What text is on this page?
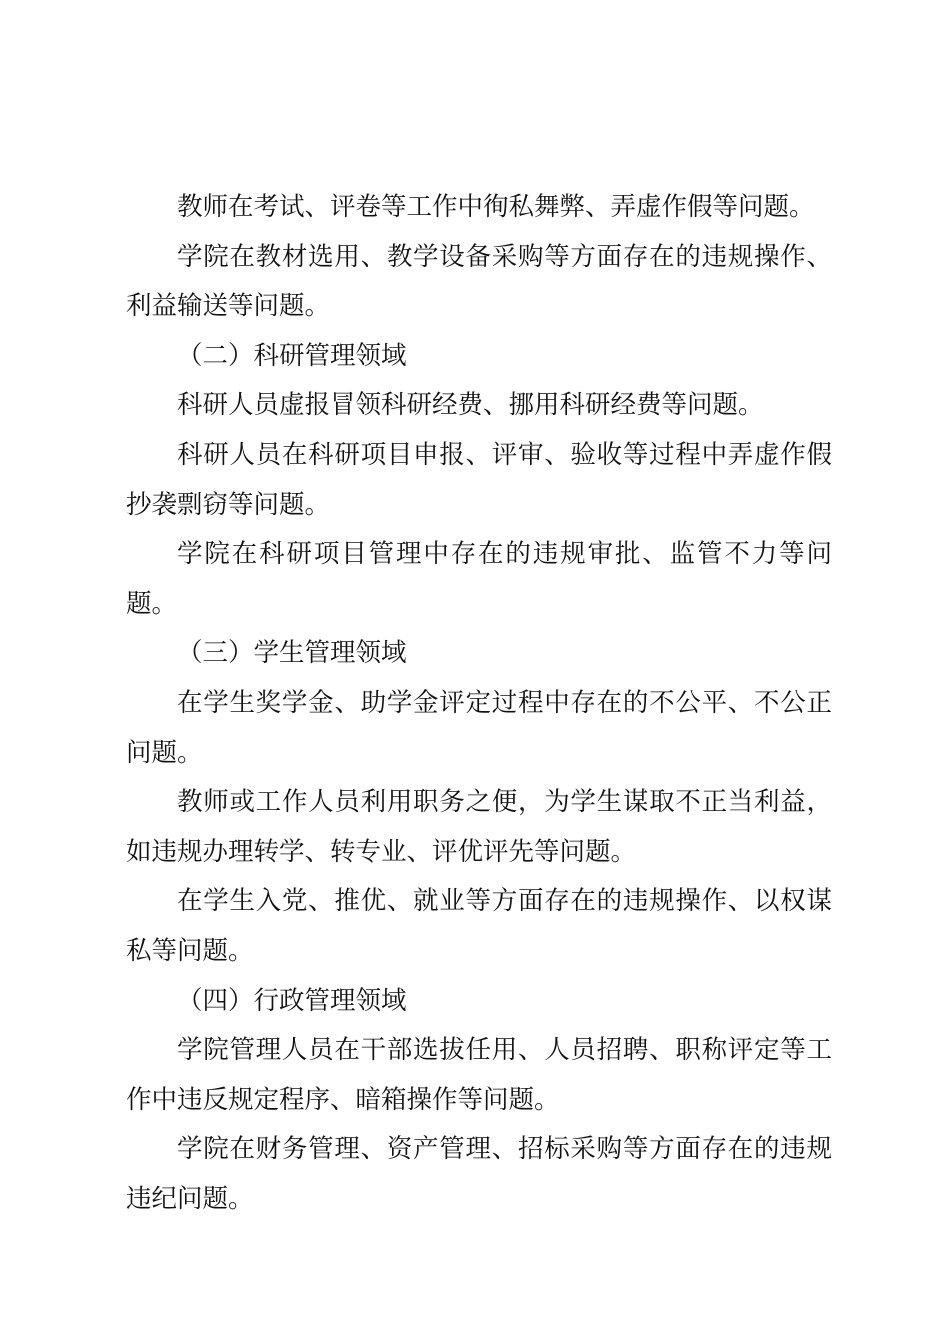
教师在考试、评卷等工作中徇私舞弊、弄虚作假等问题。

学院在教材选用、教学设备采购等方面存在的违规操作、利益输送等问题。

（二）科研管理领域

科研人员虚报冒领科研经费、挪用科研经费等问题。

科研人员在科研项目申报、评审、验收等过程中弄虚作假抄袭剽窃等问题。

学院在科研项目管理中存在的违规审批、监管不力等问题。

（三）学生管理领域

在学生奖学金、助学金评定过程中存在的不公平、不公正问题。

教师或工作人员利用职务之便，为学生谋取不正当利益，如违规办理转学、转专业、评优评先等问题。

在学生入党、推优、就业等方面存在的违规操作、以权谋私等问题。

（四）行政管理领域

学院管理人员在干部选拔任用、人员招聘、职称评定等工作中违反规定程序、暗箱操作等问题。

学院在财务管理、资产管理、招标采购等方面存在的违规违纪问题。
